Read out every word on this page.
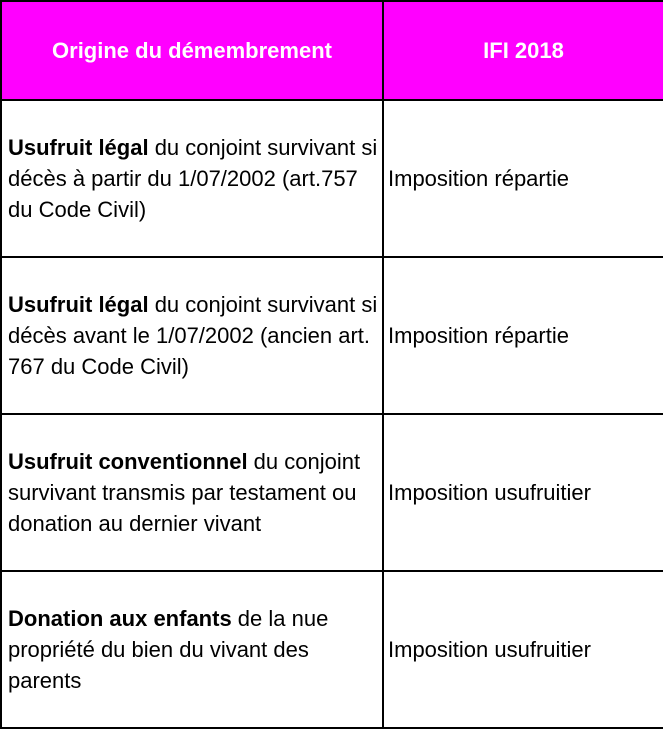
Origine du démembrement	IFI 2018
Usufruit légal du conjoint survivant si décès à partir du 1/07/2002 (art.757 du Code Civil)	Imposition répartie
Usufruit légal du conjoint survivant si décès avant le 1/07/2002 (ancien art. 767 du Code Civil)	Imposition répartie
Usufruit conventionnel du conjoint survivant transmis par testament ou donation au dernier vivant	Imposition usufruitier
Donation aux enfants de la nue propriété du bien du vivant des parents	Imposition usufruitier
